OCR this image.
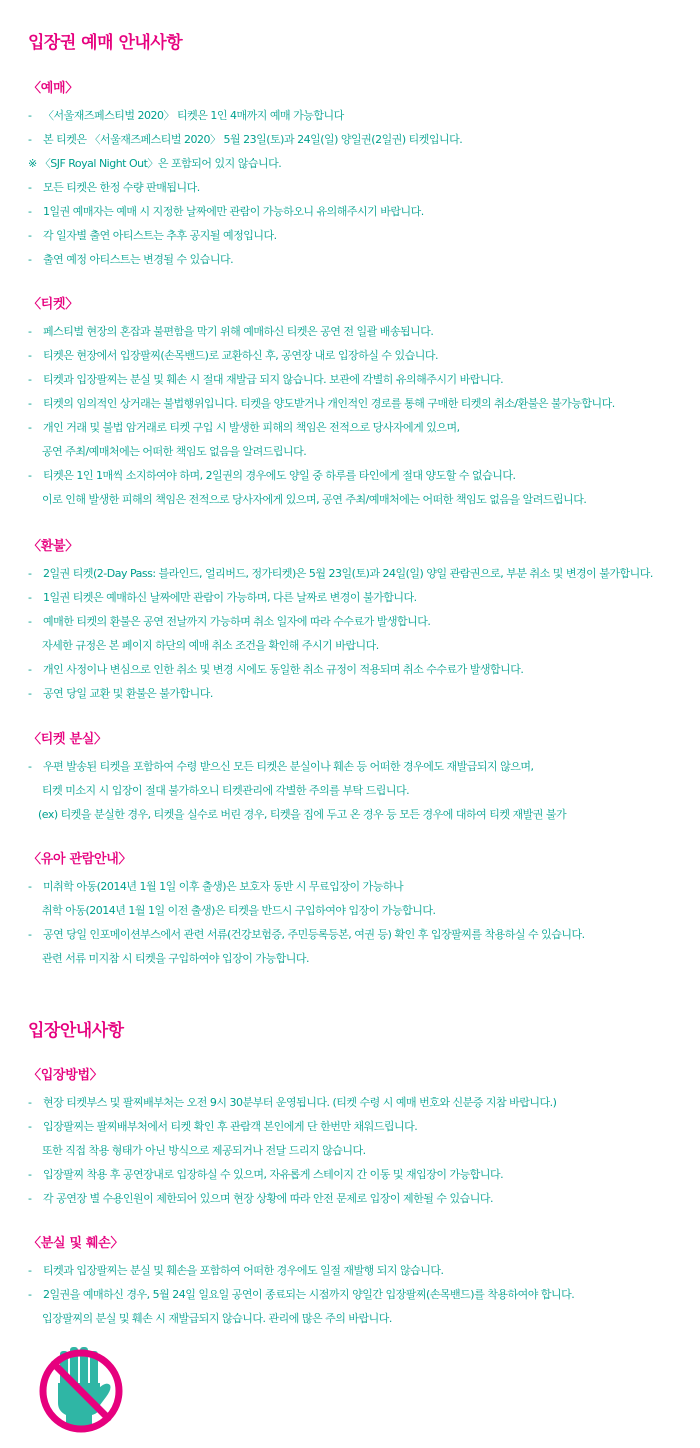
입장권 예매 안내사항
〈예매〉
-	〈서울재즈페스티벌 2020〉 티켓은 1인 4매까지 예매 가능합니다
-	본 티켓은 〈서울재즈페스티벌 2020〉 5월 23일(토)과 24일(일) 양일권(2일권) 티켓입니다.
※ 〈SJF Royal Night Out〉은 포함되어 있지 않습니다.
-	모든 티켓은 한정 수량 판매됩니다.
-	1일권 예매자는 예매 시 지정한 날짜에만 관람이 가능하오니 유의해주시기 바랍니다.
-	각 일자별 출연 아티스트는 추후 공지될 예정입니다.
-	출연 예정 아티스트는 변경될 수 있습니다.
〈티켓〉
-	페스티벌 현장의 혼잡과 불편함을 막기 위해 예매하신 티켓은 공연 전 일괄 배송됩니다.
-	티켓은 현장에서 입장팔찌(손목밴드)로 교환하신 후, 공연장 내로 입장하실 수 있습니다.
-	티켓과 입장팔찌는 분실 및 훼손 시 절대 재발급 되지 않습니다. 보관에 각별히 유의해주시기 바랍니다.
-	티켓의 임의적인 상거래는 불법행위입니다. 티켓을 양도받거나 개인적인 경로를 통해 구매한 티켓의 취소/환불은 불가능합니다.
-	개인 거래 및 불법 암거래로 티켓 구입 시 발생한 피해의 책임은 전적으로 당사자에게 있으며,
공연 주최/예매처에는 어떠한 책임도 없음을 알려드립니다.
-	티켓은 1인 1매씩 소지하여야 하며, 2일권의 경우에도 양일 중 하루를 타인에게 절대 양도할 수 없습니다.
이로 인해 발생한 피해의 책임은 전적으로 당사자에게 있으며, 공연 주최/예매처에는 어떠한 책임도 없음을 알려드립니다.
〈환불〉
-	2일권 티켓(2-Day Pass: 블라인드, 얼리버드, 정가티켓)은 5월 23일(토)과 24일(일) 양일 관람권으로, 부분 취소 및 변경이 불가합니다.
-	1일권 티켓은 예매하신 날짜에만 관람이 가능하며, 다른 날짜로 변경이 불가합니다.
-	예매한 티켓의 환불은 공연 전날까지 가능하며 취소 일자에 따라 수수료가 발생합니다.
자세한 규정은 본 페이지 하단의 예매 취소 조건을 확인해 주시기 바랍니다.
-	개인 사정이나 변심으로 인한 취소 및 변경 시에도 동일한 취소 규정이 적용되며 취소 수수료가 발생합니다.
-	공연 당일 교환 및 환불은 불가합니다.
〈티켓 분실〉
-	우편 발송된 티켓을 포함하여 수령 받으신 모든 티켓은 분실이나 훼손 등 어떠한 경우에도 재발급되지 않으며,
티켓 미소지 시 입장이 절대 불가하오니 티켓관리에 각별한 주의를 부탁 드립니다.
(ex) 티켓을 분실한 경우, 티켓을 실수로 버린 경우, 티켓을 집에 두고 온 경우 등 모든 경우에 대하여 티켓 재발권 불가
〈유아 관람안내〉
-	미취학 아동(2014년 1월 1일 이후 출생)은 보호자 동반 시 무료입장이 가능하나
취학 아동(2014년 1월 1일 이전 출생)은 티켓을 반드시 구입하여야 입장이 가능합니다.
-	공연 당일 인포메이션부스에서 관련 서류(건강보험증, 주민등록등본, 여권 등) 확인 후 입장팔찌를 착용하실 수 있습니다.
관련 서류 미지참 시 티켓을 구입하여야 입장이 가능합니다.
입장안내사항
〈입장방법〉
-	현장 티켓부스 및 팔찌배부처는 오전 9시 30분부터 운영됩니다. (티켓 수령 시 예매 번호와 신분증 지참 바랍니다.)
-	입장팔찌는 팔찌배부처에서 티켓 확인 후 관람객 본인에게 단 한번만 채워드립니다.
또한 직접 착용 형태가 아닌 방식으로 제공되거나 전달 드리지 않습니다.
-	입장팔찌 착용 후 공연장내로 입장하실 수 있으며, 자유롭게 스테이지 간 이동 및 재입장이 가능합니다.
-	각 공연장 별 수용인원이 제한되어 있으며 현장 상황에 따라 안전 문제로 입장이 제한될 수 있습니다.
〈분실 및 훼손〉
-	티켓과 입장팔찌는 분실 및 훼손을 포함하여 어떠한 경우에도 일절 재발행 되지 않습니다.
-	2일권을 예매하신 경우, 5월 24일 일요일 공연이 종료되는 시점까지 양일간 입장팔찌(손목밴드)를 착용하여야 합니다.
입장팔찌의 분실 및 훼손 시 재발급되지 않습니다. 관리에 많은 주의 바랍니다.
